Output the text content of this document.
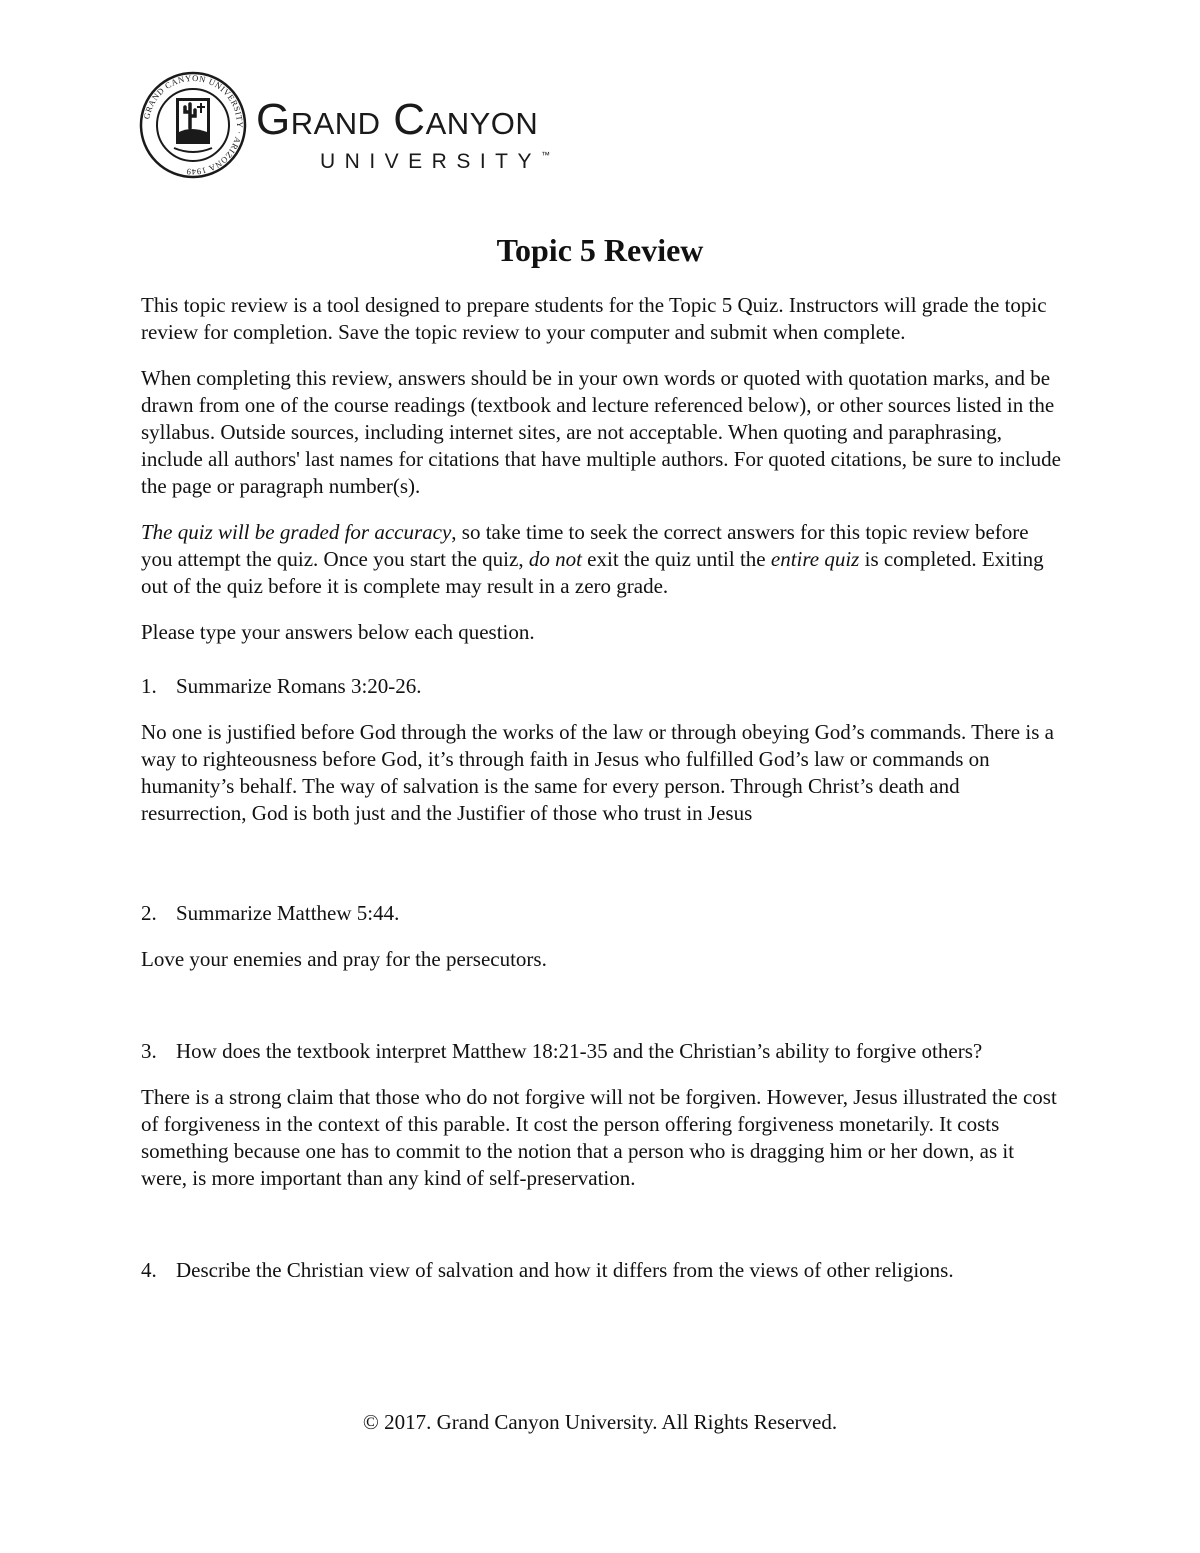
GRAND CANYON UNIVERSITY · ARIZONA 1949
Grand Canyon
UNIVERSITY™
Topic 5 Review

This topic review is a tool designed to prepare students for the Topic 5 Quiz. Instructors will grade the topic review for completion. Save the topic review to your computer and submit when complete.

When completing this review, answers should be in your own words or quoted with quotation marks, and be drawn from one of the course readings (textbook and lecture referenced below), or other sources listed in the syllabus. Outside sources, including internet sites, are not acceptable. When quoting and paraphrasing, include all authors' last names for citations that have multiple authors. For quoted citations, be sure to include the page or paragraph number(s).

The quiz will be graded for accuracy, so take time to seek the correct answers for this topic review before you attempt the quiz. Once you start the quiz, do not exit the quiz until the entire quiz is completed. Exiting out of the quiz before it is complete may result in a zero grade.

Please type your answers below each question.

1. Summarize Romans 3:20-26.

No one is justified before God through the works of the law or through obeying God’s commands. There is a way to righteousness before God, it’s through faith in Jesus who fulfilled God’s law or commands on humanity’s behalf. The way of salvation is the same for every person. Through Christ’s death and resurrection, God is both just and the Justifier of those who trust in Jesus

2. Summarize Matthew 5:44.

Love your enemies and pray for the persecutors.

3. How does the textbook interpret Matthew 18:21-35 and the Christian’s ability to forgive others?

There is a strong claim that those who do not forgive will not be forgiven. However, Jesus illustrated the cost of forgiveness in the context of this parable. It cost the person offering forgiveness monetarily. It costs something because one has to commit to the notion that a person who is dragging him or her down, as it were, is more important than any kind of self-preservation.

4. Describe the Christian view of salvation and how it differs from the views of other religions.

© 2017. Grand Canyon University. All Rights Reserved.
